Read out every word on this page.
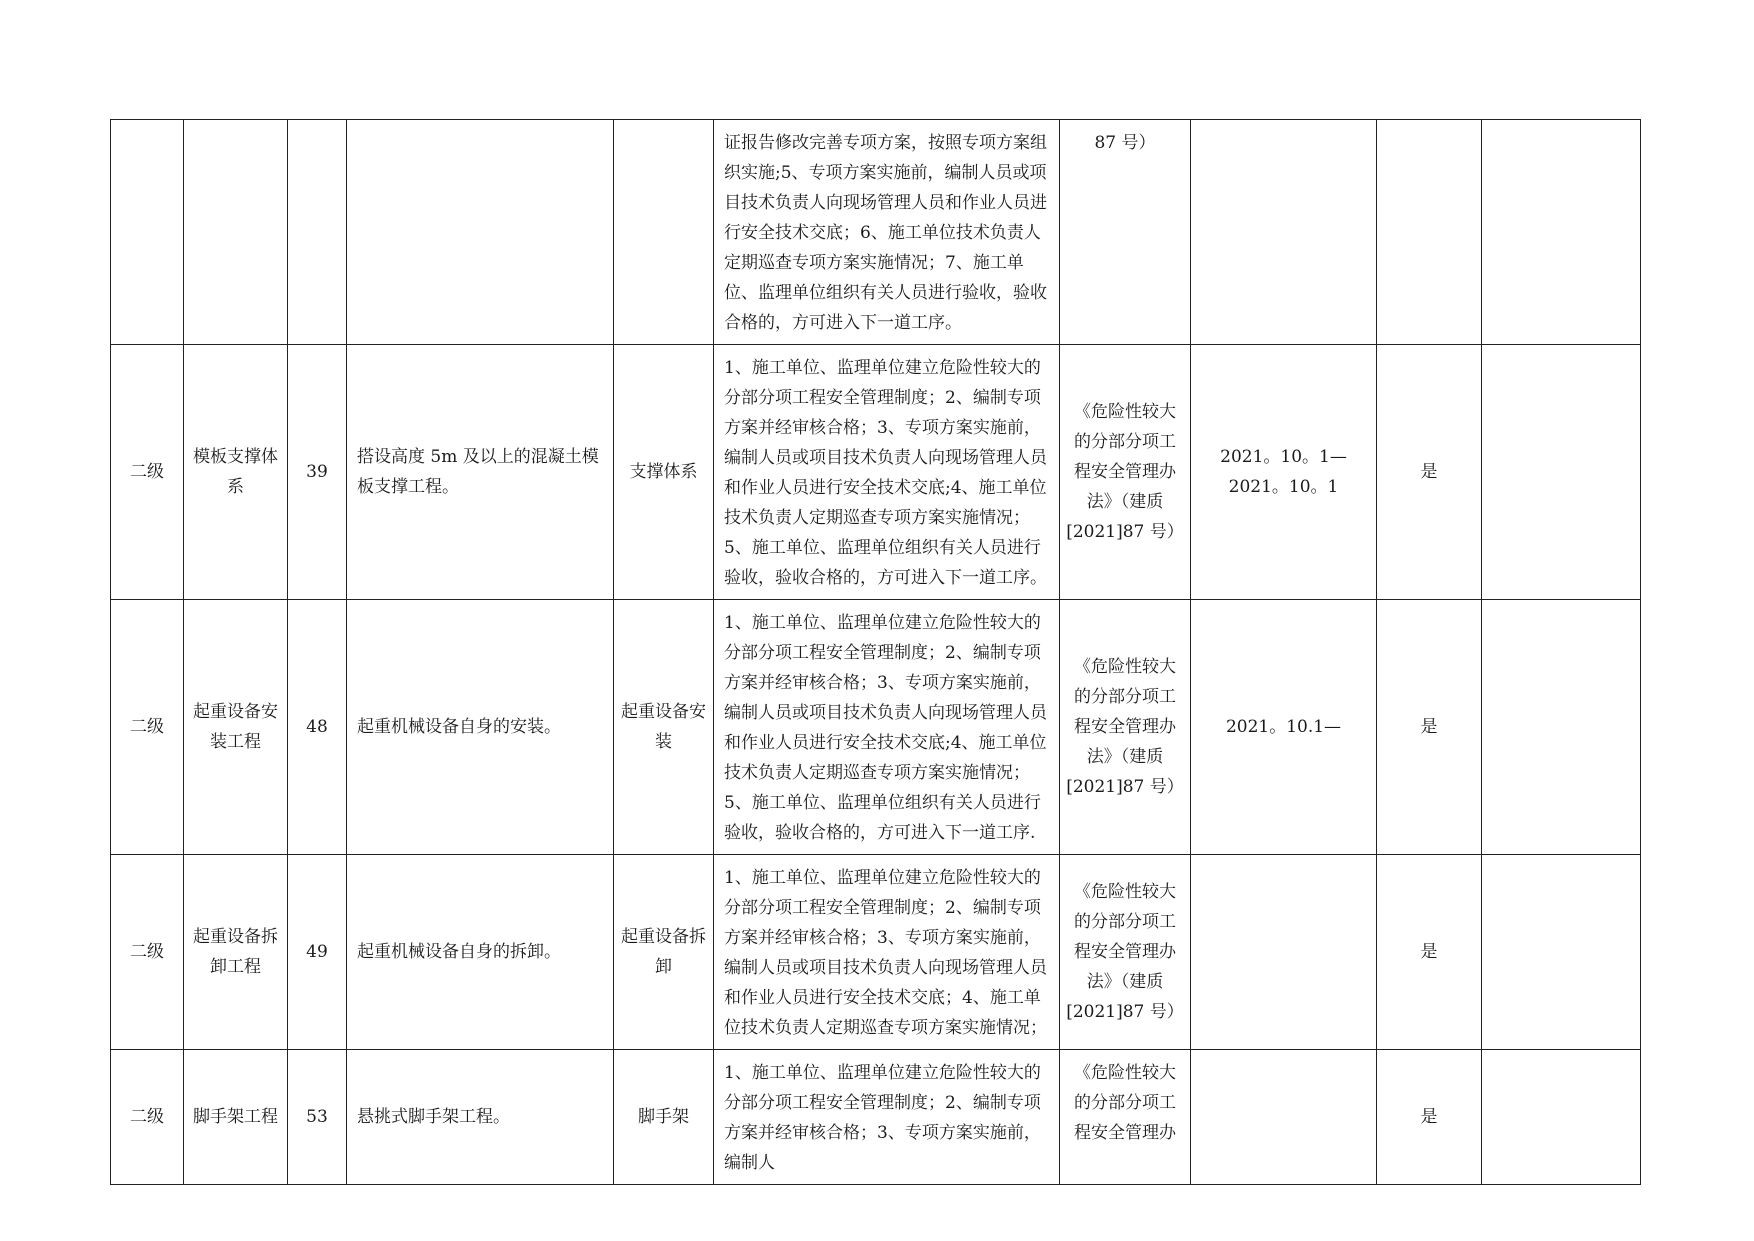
					证报告修改完善专项方案，按照专项方案组织实施;5、专项方案实施前，编制人员或项目技术负责人向现场管理人员和作业人员进行安全技术交底；6、施工单位技术负责人定期巡查专项方案实施情况；7、施工单位、监理单位组织有关人员进行验收，验收合格的，方可进入下一道工序。	87 号）			
二级	模板支撑体系	39	搭设高度 5m 及以上的混凝土模板支撑工程。	支撑体系	1、施工单位、监理单位建立危险性较大的分部分项工程安全管理制度；2、编制专项方案并经审核合格；3、专项方案实施前，编制人员或项目技术负责人向现场管理人员和作业人员进行安全技术交底;4、施工单位技术负责人定期巡查专项方案实施情况；5、施工单位、监理单位组织有关人员进行验收，验收合格的，方可进入下一道工序。	《危险性较大的分部分项工程安全管理办法》（建质[2021]87 号）	2021。10。1—2021。10。1	是	
二级	起重设备安装工程	48	起重机械设备自身的安装。	起重设备安装	1、施工单位、监理单位建立危险性较大的分部分项工程安全管理制度；2、编制专项方案并经审核合格；3、专项方案实施前，编制人员或项目技术负责人向现场管理人员和作业人员进行安全技术交底;4、施工单位技术负责人定期巡查专项方案实施情况；5、施工单位、监理单位组织有关人员进行验收，验收合格的，方可进入下一道工序.	《危险性较大的分部分项工程安全管理办法》（建质[2021]87 号）	2021。10.1—	是	
二级	起重设备拆卸工程	49	起重机械设备自身的拆卸。	起重设备拆卸	1、施工单位、监理单位建立危险性较大的分部分项工程安全管理制度；2、编制专项方案并经审核合格；3、专项方案实施前，编制人员或项目技术负责人向现场管理人员和作业人员进行安全技术交底；4、施工单位技术负责人定期巡查专项方案实施情况；	《危险性较大的分部分项工程安全管理办法》（建质[2021]87 号）		是	
二级	脚手架工程	53	悬挑式脚手架工程。	脚手架	1、施工单位、监理单位建立危险性较大的分部分项工程安全管理制度；2、编制专项方案并经审核合格；3、专项方案实施前，编制人	《危险性较大的分部分项工程安全管理办		是	
